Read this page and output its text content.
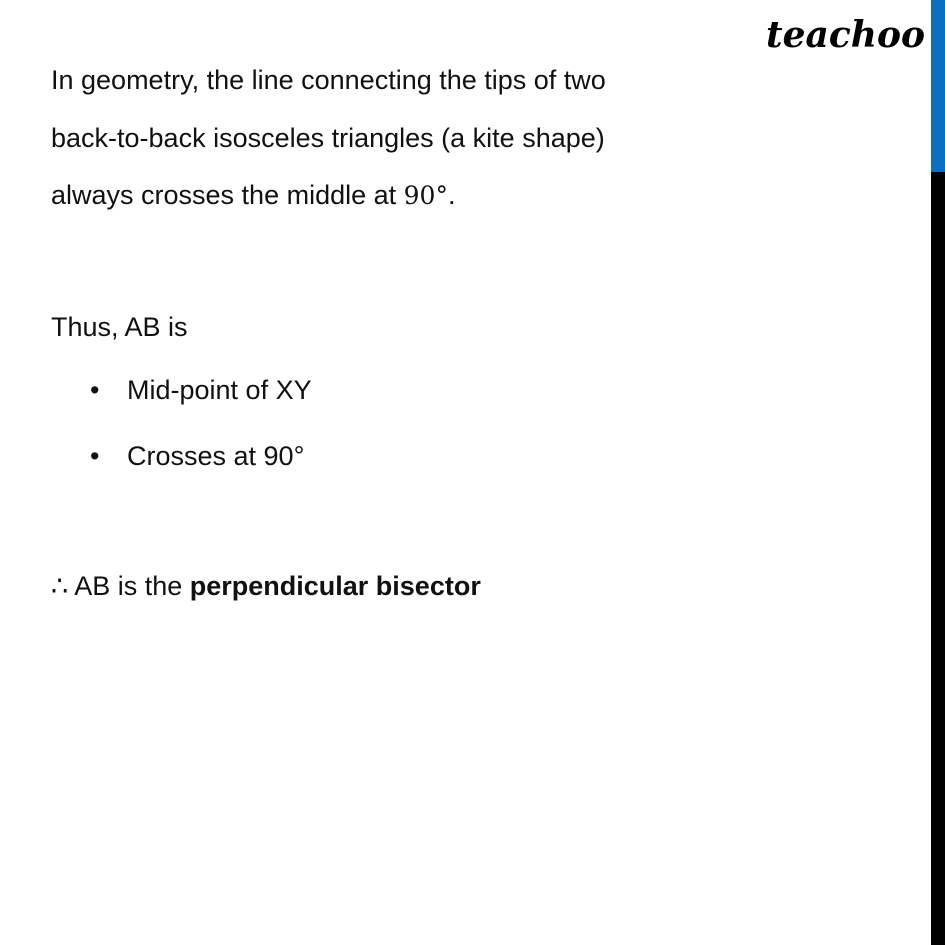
teachoo
In geometry, the line connecting the tips of two
back-to-back isosceles triangles (a kite shape)
always crosses the middle at 90°.
Thus, AB is
• Mid-point of XY
• Crosses at 90°
∴ AB is the perpendicular bisector
